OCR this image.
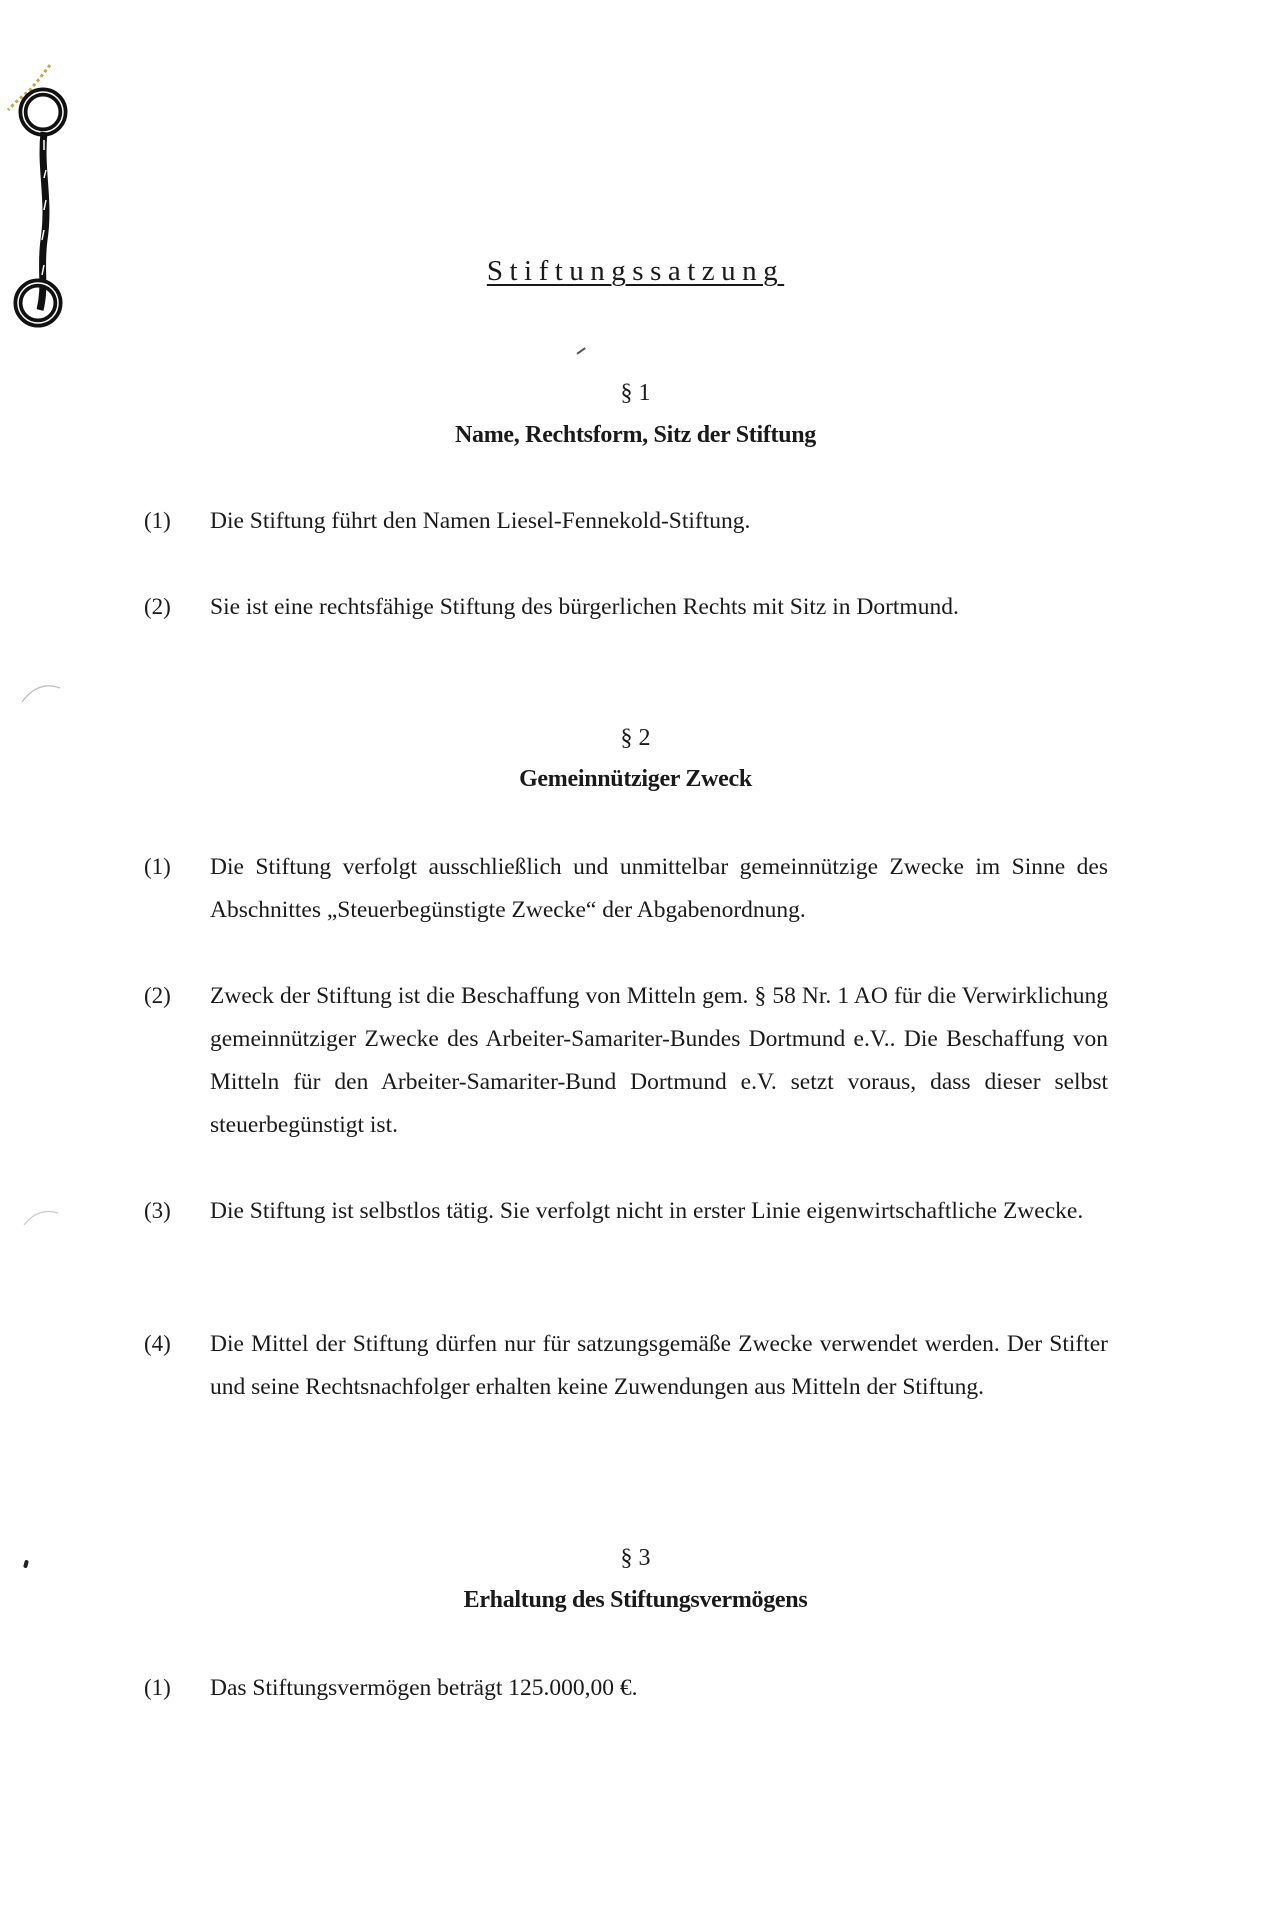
Stiftungssatzung
§ 1
Name, Rechtsform, Sitz der Stiftung
(1) Die Stiftung führt den Namen Liesel-Fennekold-Stiftung.
(2) Sie ist eine rechtsfähige Stiftung des bürgerlichen Rechts mit Sitz in Dortmund.
§ 2
Gemeinnütziger Zweck
(1) Die Stiftung verfolgt ausschließlich und unmittelbar gemeinnützige Zwecke im Sinne des Abschnittes „Steuerbegünstigte Zwecke“ der Abgabenordnung.
(2) Zweck der Stiftung ist die Beschaffung von Mitteln gem. § 58 Nr. 1 AO für die Verwirklichung gemeinnütziger Zwecke des Arbeiter-Samariter-Bundes Dortmund e.V.. Die Beschaffung von Mitteln für den Arbeiter-Samariter-Bund Dortmund e.V. setzt voraus, dass dieser selbst steuerbegünstigt ist.
(3) Die Stiftung ist selbstlos tätig. Sie verfolgt nicht in erster Linie eigenwirtschaftliche Zwecke.
(4) Die Mittel der Stiftung dürfen nur für satzungsgemäße Zwecke verwendet werden. Der Stifter und seine Rechtsnachfolger erhalten keine Zuwendungen aus Mitteln der Stiftung.
§ 3
Erhaltung des Stiftungsvermögens
(1) Das Stiftungsvermögen beträgt 125.000,00 €.
